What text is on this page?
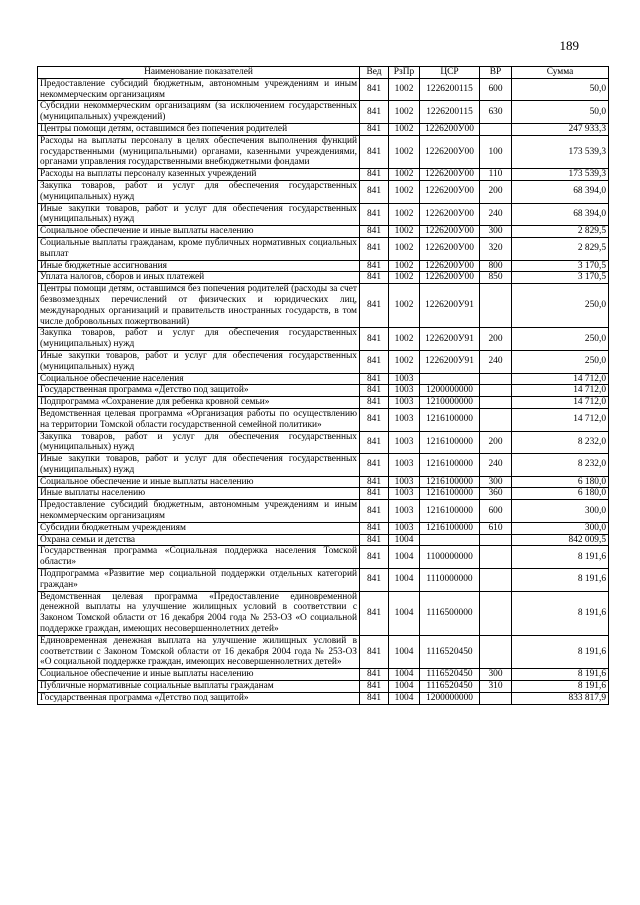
189
Наименование показателей	Вед	РзПр	ЦСР	ВР	Сумма
Предоставление субсидий бюджетным, автономным учреждениям и иным некоммерческим организациям	841	1002	1226200115	600	50,0
Субсидии некоммерческим организациям (за исключением государственных (муниципальных) учреждений)	841	1002	1226200115	630	50,0
Центры помощи детям, оставшимся без попечения родителей	841	1002	1226200У00		247 933,3
Расходы на выплаты персоналу в целях обеспечения выполнения функций государственными (муниципальными) органами, казенными учреждениями, органами управления государственными внебюджетными фондами	841	1002	1226200У00	100	173 539,3
Расходы на выплаты персоналу казенных учреждений	841	1002	1226200У00	110	173 539,3
Закупка товаров, работ и услуг для обеспечения государственных (муниципальных) нужд	841	1002	1226200У00	200	68 394,0
Иные закупки товаров, работ и услуг для обеспечения государственных (муниципальных) нужд	841	1002	1226200У00	240	68 394,0
Социальное обеспечение и иные выплаты населению	841	1002	1226200У00	300	2 829,5
Социальные выплаты гражданам, кроме публичных нормативных социальных выплат	841	1002	1226200У00	320	2 829,5
Иные бюджетные ассигнования	841	1002	1226200У00	800	3 170,5
Уплата налогов, сборов и иных платежей	841	1002	1226200У00	850	3 170,5
Центры помощи детям, оставшимся без попечения родителей (расходы за счет безвозмездных перечислений от физических и юридических лиц, международных организаций и правительств иностранных государств, в том числе добровольных пожертвований)	841	1002	1226200У91		250,0
Закупка товаров, работ и услуг для обеспечения государственных (муниципальных) нужд	841	1002	1226200У91	200	250,0
Иные закупки товаров, работ и услуг для обеспечения государственных (муниципальных) нужд	841	1002	1226200У91	240	250,0
Социальное обеспечение населения	841	1003			14 712,0
Государственная программа «Детство под защитой»	841	1003	1200000000		14 712,0
Подпрограмма «Сохранение для ребенка кровной семьи»	841	1003	1210000000		14 712,0
Ведомственная целевая программа «Организация работы по осуществлению на территории Томской области государственной семейной политики»	841	1003	1216100000		14 712,0
Закупка товаров, работ и услуг для обеспечения государственных (муниципальных) нужд	841	1003	1216100000	200	8 232,0
Иные закупки товаров, работ и услуг для обеспечения государственных (муниципальных) нужд	841	1003	1216100000	240	8 232,0
Социальное обеспечение и иные выплаты населению	841	1003	1216100000	300	6 180,0
Иные выплаты населению	841	1003	1216100000	360	6 180,0
Предоставление субсидий бюджетным, автономным учреждениям и иным некоммерческим организациям	841	1003	1216100000	600	300,0
Субсидии бюджетным учреждениям	841	1003	1216100000	610	300,0
Охрана семьи и детства	841	1004			842 009,5
Государственная программа «Социальная поддержка населения Томской области»	841	1004	1100000000		8 191,6
Подпрограмма «Развитие мер социальной поддержки отдельных категорий граждан»	841	1004	1110000000		8 191,6
Ведомственная целевая программа «Предоставление единовременной денежной выплаты на улучшение жилищных условий в соответствии с Законом Томской области от 16 декабря 2004 года № 253-ОЗ «О социальной поддержке граждан, имеющих несовершеннолетних детей»	841	1004	1116500000		8 191,6
Единовременная денежная выплата на улучшение жилищных условий в соответствии с Законом Томской области от 16 декабря 2004 года № 253-ОЗ «О социальной поддержке граждан, имеющих несовершеннолетних детей»	841	1004	1116520450		8 191,6
Социальное обеспечение и иные выплаты населению	841	1004	1116520450	300	8 191,6
Публичные нормативные социальные выплаты гражданам	841	1004	1116520450	310	8 191,6
Государственная программа «Детство под защитой»	841	1004	1200000000		833 817,9
